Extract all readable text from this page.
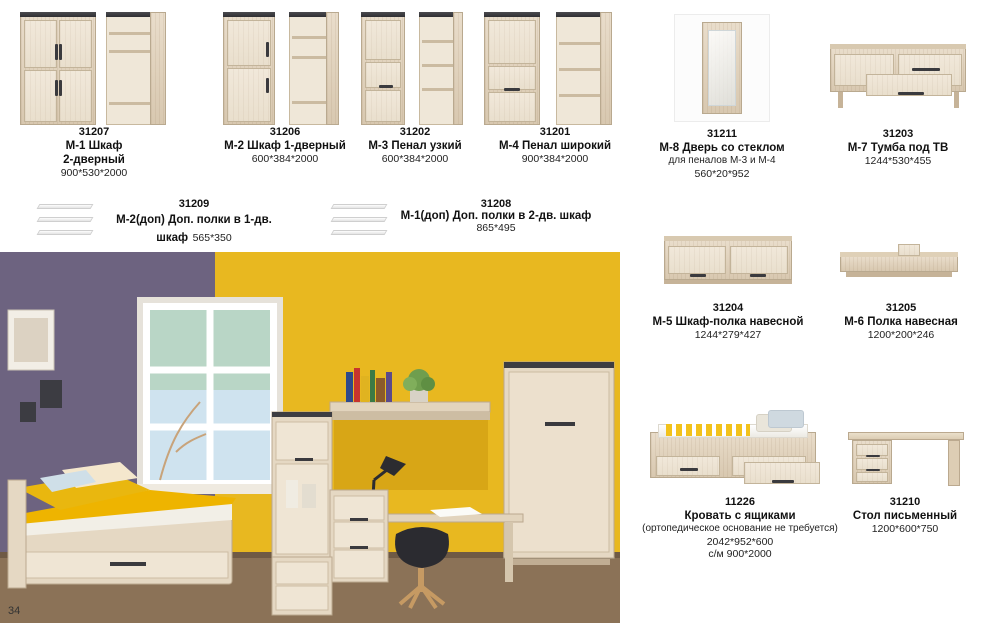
31207
М-1 Шкаф
2-дверный
900*530*2000
31206
М-2 Шкаф 1-дверный
600*384*2000
31202
М-3 Пенал узкий
600*384*2000
31201
М-4 Пенал широкий
900*384*2000
31209
М-2(доп) Доп. полки в 1-дв. шкаф 565*350
31208
М-1(доп) Доп. полки в 2-дв. шкаф
865*495
31211
М-8 Дверь со стеклом
для пеналов М-3 и М-4
560*20*952
31203
М-7 Тумба под ТВ
1244*530*455
31204
М-5 Шкаф-полка навесной
1244*279*427
31205
М-6 Полка навесная
1200*200*246
11226
Кровать с ящиками
(ортопедическое основание не требуется)
2042*952*600
с/м 900*2000
31210
Стол письменный
1200*600*750
34
